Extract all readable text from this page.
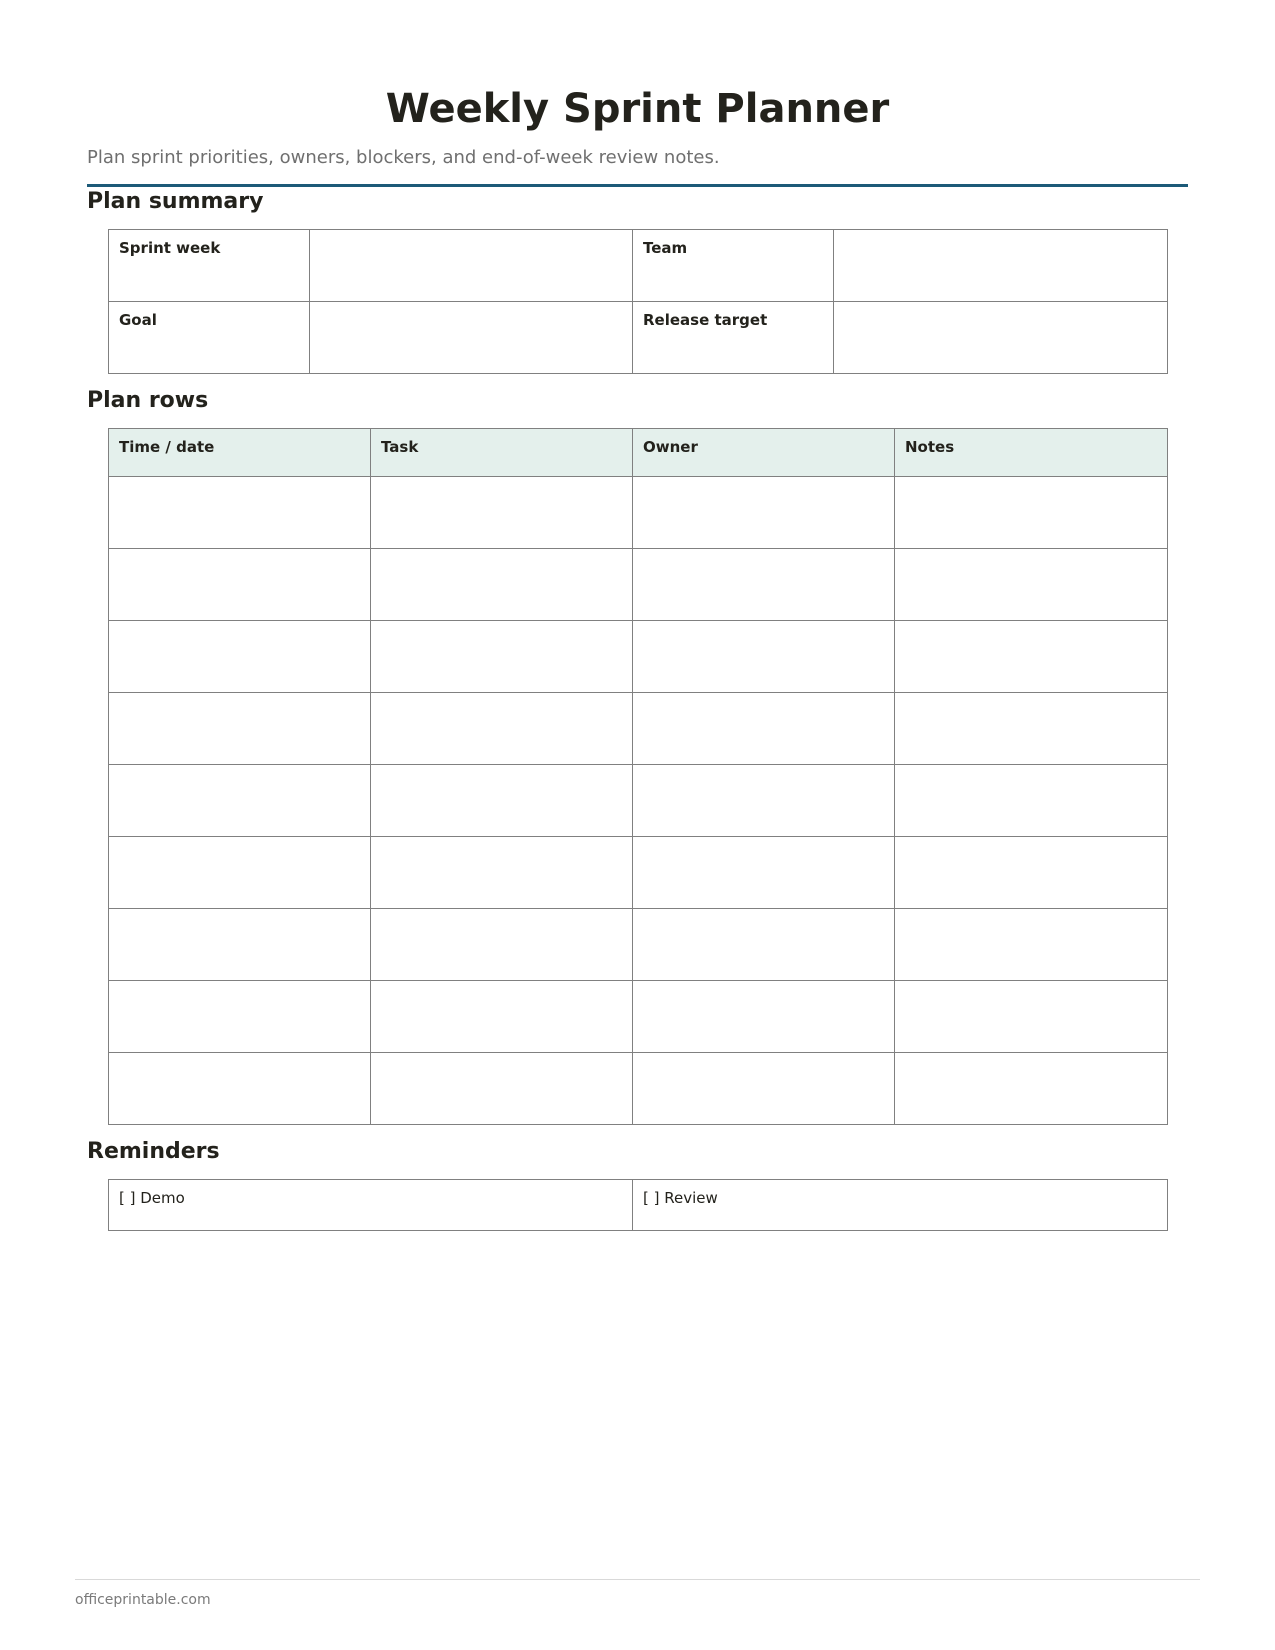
Weekly Sprint Planner

Plan sprint priorities, owners, blockers, and end-of-week review notes.

Plan summary
Sprint week		Team	
Goal		Release target	
Plan rows
Time / date	Task	Owner	Notes

Reminders
[ ] Demo	[ ] Review
officeprintable.com
